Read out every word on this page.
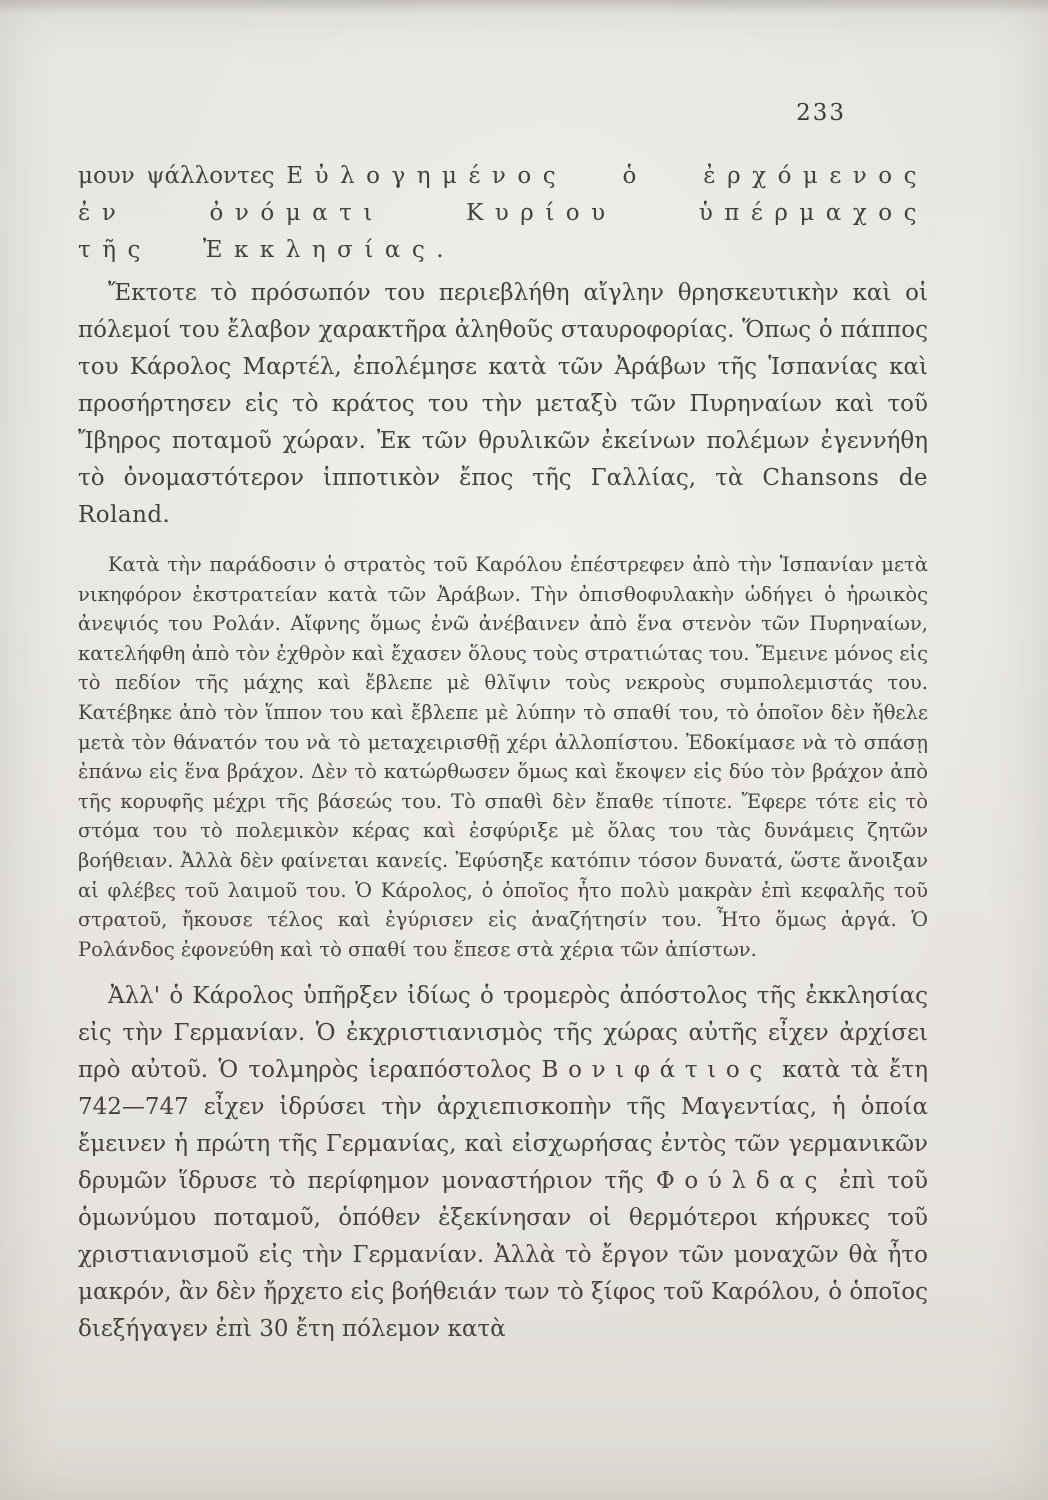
233

μουν ψάλλοντες Εὐλογημένος ὁ ἐρχόμενος ἐν ὀνόματι Κυρίου ὑπέρμαχος τῆς Ἐκκλησίας.

Ἔκτοτε τὸ πρόσωπόν του περιεβλήθη αἴγλην θρησκευτικὴν καὶ οἱ πόλεμοί του ἔλαβον χαρακτῆρα ἀληθοῦς σταυροφορίας. Ὅπως ὁ πάππος του Κάρολος Μαρτέλ, ἐπολέμησε κατὰ τῶν Ἀράβων τῆς Ἱσπανίας καὶ προσήρτησεν εἰς τὸ κράτος του τὴν μεταξὺ τῶν Πυρηναίων καὶ τοῦ Ἴβηρος ποταμοῦ χώραν. Ἐκ τῶν θρυλικῶν ἐκείνων πολέμων ἐγεννήθη τὸ ὀνομαστότερον ἱπποτικὸν ἔπος τῆς Γαλλίας, τὰ Chansons de Roland.

Κατὰ τὴν παράδοσιν ὁ στρατὸς τοῦ Καρόλου ἐπέστρεφεν ἀπὸ τὴν Ἱσπανίαν μετὰ νικηφόρον ἐκστρατείαν κατὰ τῶν Ἀράβων. Τὴν ὀπισθοφυλακὴν ὡδήγει ὁ ἡρωικὸς ἀνεψιός του Ρολάν. Αἴφνης ὅμως ἐνῶ ἀνέβαινεν ἀπὸ ἕνα στενὸν τῶν Πυρηναίων, κατελήφθη ἀπὸ τὸν ἐχθρὸν καὶ ἔχασεν ὅλους τοὺς στρατιώτας του. Ἔμεινε μόνος εἰς τὸ πεδίον τῆς μάχης καὶ ἔβλεπε μὲ θλῖψιν τοὺς νεκροὺς συμπολεμιστάς του. Κατέβηκε ἀπὸ τὸν ἵππον του καὶ ἔβλεπε μὲ λύπην τὸ σπαθί του, τὸ ὁποῖον δὲν ἤθελε μετὰ τὸν θάνατόν του νὰ τὸ μεταχειρισθῇ χέρι ἀλλοπίστου. Ἐδοκίμασε νὰ τὸ σπάσῃ ἐπάνω εἰς ἕνα βράχον. Δὲν τὸ κατώρθωσεν ὅμως καὶ ἔκοψεν εἰς δύο τὸν βράχον ἀπὸ τῆς κορυφῆς μέχρι τῆς βάσεώς του. Τὸ σπαθὶ δὲν ἔπαθε τίποτε. Ἔφερε τότε εἰς τὸ στόμα του τὸ πολεμικὸν κέρας καὶ ἐσφύριξε μὲ ὅλας του τὰς δυνάμεις ζητῶν βοήθειαν. Ἀλλὰ δὲν φαίνεται κανείς. Ἐφύσηξε κατόπιν τόσον δυνατά, ὥστε ἄνοιξαν αἱ φλέβες τοῦ λαιμοῦ του. Ὁ Κάρολος, ὁ ὁποῖος ἦτο πολὺ μακρὰν ἐπὶ κεφαλῆς τοῦ στρατοῦ, ἤκουσε τέλος καὶ ἐγύρισεν εἰς ἀναζήτησίν του. Ἦτο ὅμως ἀργά. Ὁ Ρολάνδος ἐφονεύθη καὶ τὸ σπαθί του ἔπεσε στὰ χέρια τῶν ἀπίστων.

Ἀλλ' ὁ Κάρολος ὑπῆρξεν ἰδίως ὁ τρομερὸς ἀπόστολος τῆς ἐκκλησίας εἰς τὴν Γερμανίαν. Ὁ ἐκχριστιανισμὸς τῆς χώρας αὐτῆς εἶχεν ἀρχίσει πρὸ αὐτοῦ. Ὁ τολμηρὸς ἱεραπόστολος Βονιφάτιος κατὰ τὰ ἔτη 742—747 εἶχεν ἱδρύσει τὴν ἀρχιεπισκοπὴν τῆς Μαγεντίας, ἡ ὁποία ἔμεινεν ἡ πρώτη τῆς Γερμανίας, καὶ εἰσχωρήσας ἐντὸς τῶν γερμανικῶν δρυμῶν ἵδρυσε τὸ περίφημον μοναστήριον τῆς Φούλδας ἐπὶ τοῦ ὁμωνύμου ποταμοῦ, ὁπόθεν ἐξεκίνησαν οἱ θερμότεροι κήρυκες τοῦ χριστιανισμοῦ εἰς τὴν Γερμανίαν. Ἀλλὰ τὸ ἔργον τῶν μοναχῶν θὰ ἦτο μακρόν, ἂν δὲν ἤρχετο εἰς βοήθειάν των τὸ ξίφος τοῦ Καρόλου, ὁ ὁποῖος διεξήγαγεν ἐπὶ 30 ἔτη πόλεμον κατὰ
